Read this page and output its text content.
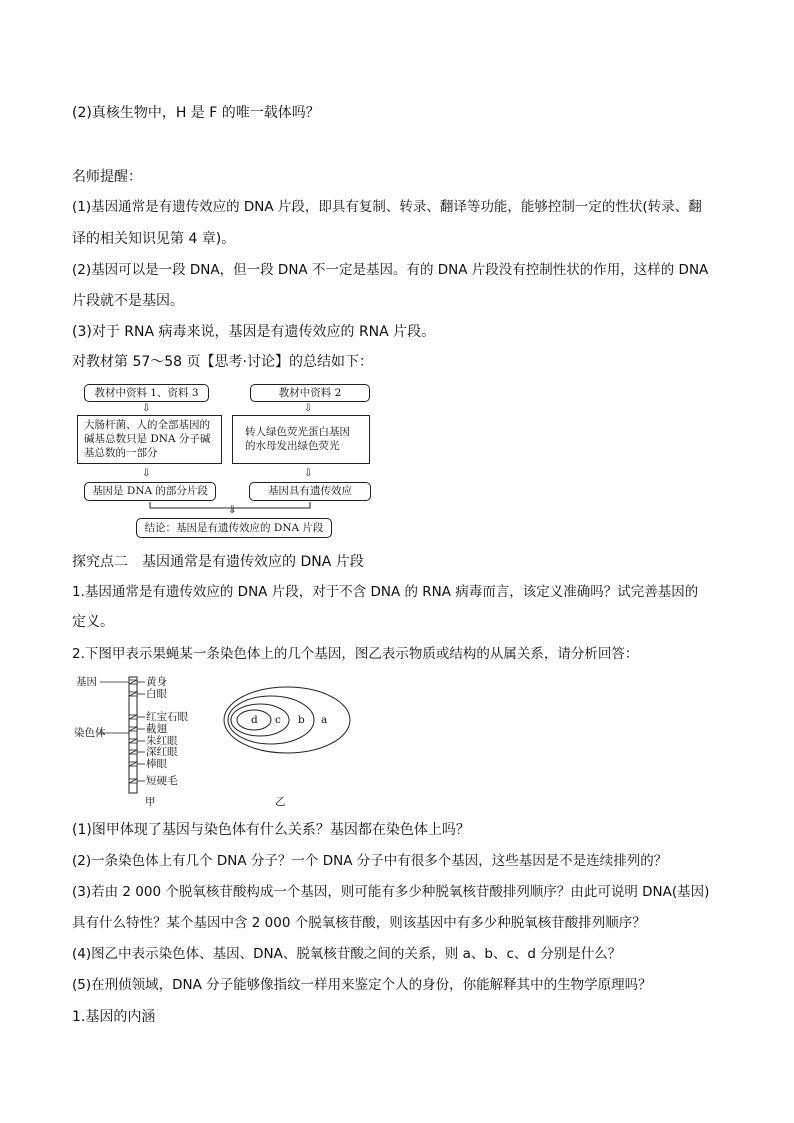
(2)真核生物中，H 是 F 的唯一载体吗？
名师提醒：
(1)基因通常是有遗传效应的 DNA 片段，即具有复制、转录、翻译等功能，能够控制一定的性状(转录、翻
译的相关知识见第 4 章)。
(2)基因可以是一段 DNA，但一段 DNA 不一定是基因。有的 DNA 片段没有控制性状的作用，这样的 DNA
片段就不是基因。
(3)对于 RNA 病毒来说，基因是有遗传效应的 RNA 片段。
对教材第 57～58 页【思考·讨论】的总结如下：
教材中资料 1、资料 3
⇩
大肠杆菌、人的全部基因的碱基总数只是 DNA 分子碱基总数的一部分
⇩
基因是 DNA 的部分片段
教材中资料 2
⇩
转人绿色荧光蛋白基因的水母发出绿色荧光
⇩
基因具有遗传效应
⇩
结论：基因是有遗传效应的 DNA 片段
探究点二　基因通常是有遗传效应的 DNA 片段
1.基因通常是有遗传效应的 DNA 片段，对于不含 DNA 的 RNA 病毒而言，该定义准确吗？试完善基因的
定义。
2.下图甲表示果蝇某一条染色体上的几个基因，图乙表示物质或结构的从属关系，请分析回答：
基因
染色体
黄身
白眼
红宝石眼
截翅
朱红眼
深红眼
棒眼
短硬毛
甲
d c b a
乙
(1)图甲体现了基因与染色体有什么关系？基因都在染色体上吗？
(2)一条染色体上有几个 DNA 分子？一个 DNA 分子中有很多个基因，这些基因是不是连续排列的？
(3)若由 2 000 个脱氧核苷酸构成一个基因，则可能有多少种脱氧核苷酸排列顺序？由此可说明 DNA(基因)
具有什么特性？某个基因中含 2 000 个脱氧核苷酸，则该基因中有多少种脱氧核苷酸排列顺序？
(4)图乙中表示染色体、基因、DNA、脱氧核苷酸之间的关系，则 a、b、c、d 分别是什么？
(5)在刑侦领域，DNA 分子能够像指纹一样用来鉴定个人的身份，你能解释其中的生物学原理吗？
1.基因的内涵
